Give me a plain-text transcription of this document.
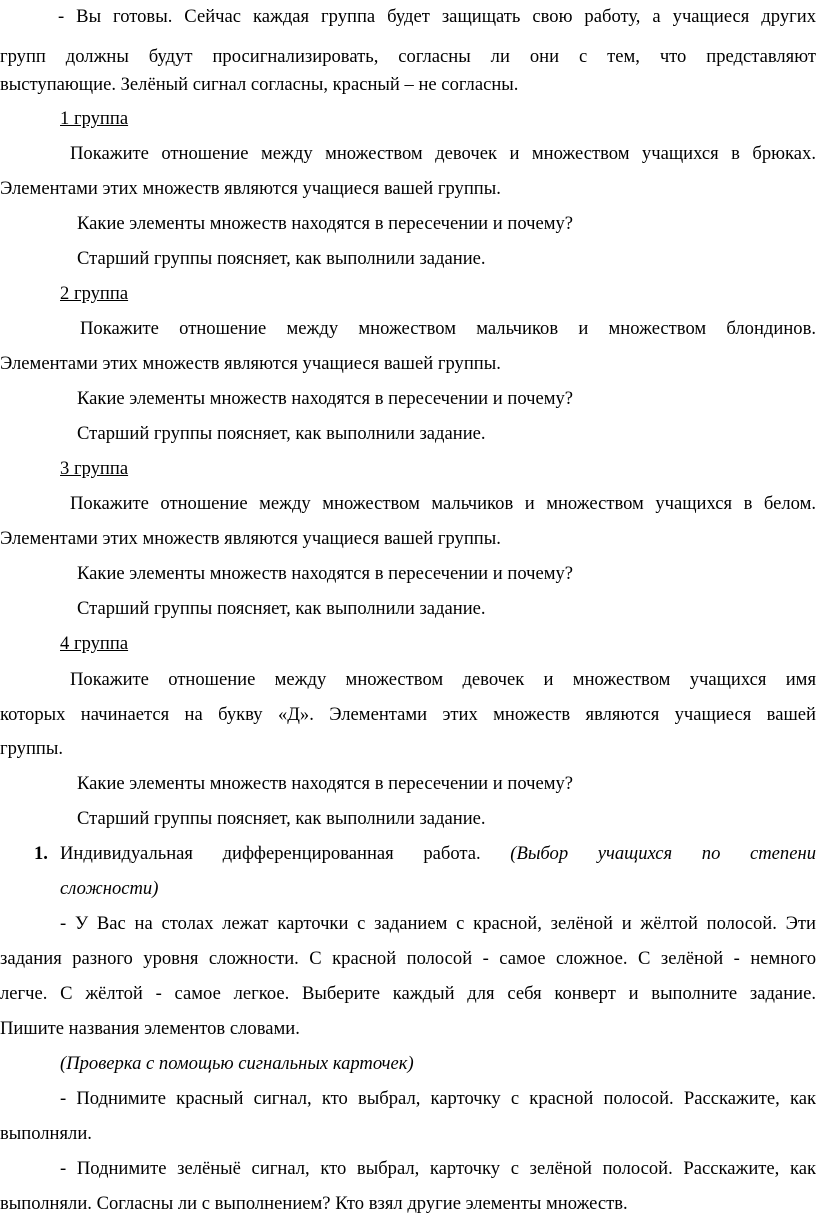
- Вы готовы. Сейчас каждая группа будет защищать свою работу, а учащиеся других
групп должны будут просигнализировать, согласны ли они с тем, что представляют
выступающие. Зелёный сигнал согласны, красный – не согласны.
1 группа
Покажите отношение между множеством девочек и множеством учащихся в брюках.
Элементами этих множеств являются учащиеся вашей группы.
Какие элементы множеств находятся в пересечении и почему?
Старший группы поясняет, как выполнили задание.
2 группа
Покажите отношение между множеством мальчиков и множеством блондинов.
Элементами этих множеств являются учащиеся вашей группы.
Какие элементы множеств находятся в пересечении и почему?
Старший группы поясняет, как выполнили задание.
3 группа
Покажите отношение между множеством мальчиков и множеством учащихся в белом.
Элементами этих множеств являются учащиеся вашей группы.
Какие элементы множеств находятся в пересечении и почему?
Старший группы поясняет, как выполнили задание.
4 группа
Покажите отношение между множеством девочек и множеством учащихся имя
которых начинается на букву «Д». Элементами этих множеств являются учащиеся вашей
группы.
Какие элементы множеств находятся в пересечении и почему?
Старший группы поясняет, как выполнили задание.
1. Индивидуальная дифференцированная работа. (Выбор учащихся по степени
сложности)
- У Вас на столах лежат карточки с заданием с красной, зелёной и жёлтой полосой. Эти
задания разного уровня сложности. С красной полосой - самое сложное. С зелёной - немного
легче. С жёлтой - самое легкое. Выберите каждый для себя конверт и выполните задание.
Пишите названия элементов словами.
(Проверка с помощью сигнальных карточек)
- Поднимите красный сигнал, кто выбрал, карточку с красной полосой. Расскажите, как
выполняли.
- Поднимите зелёныё сигнал, кто выбрал, карточку с зелёной полосой. Расскажите, как
выполняли. Согласны ли с выполнением? Кто взял другие элементы множеств.
